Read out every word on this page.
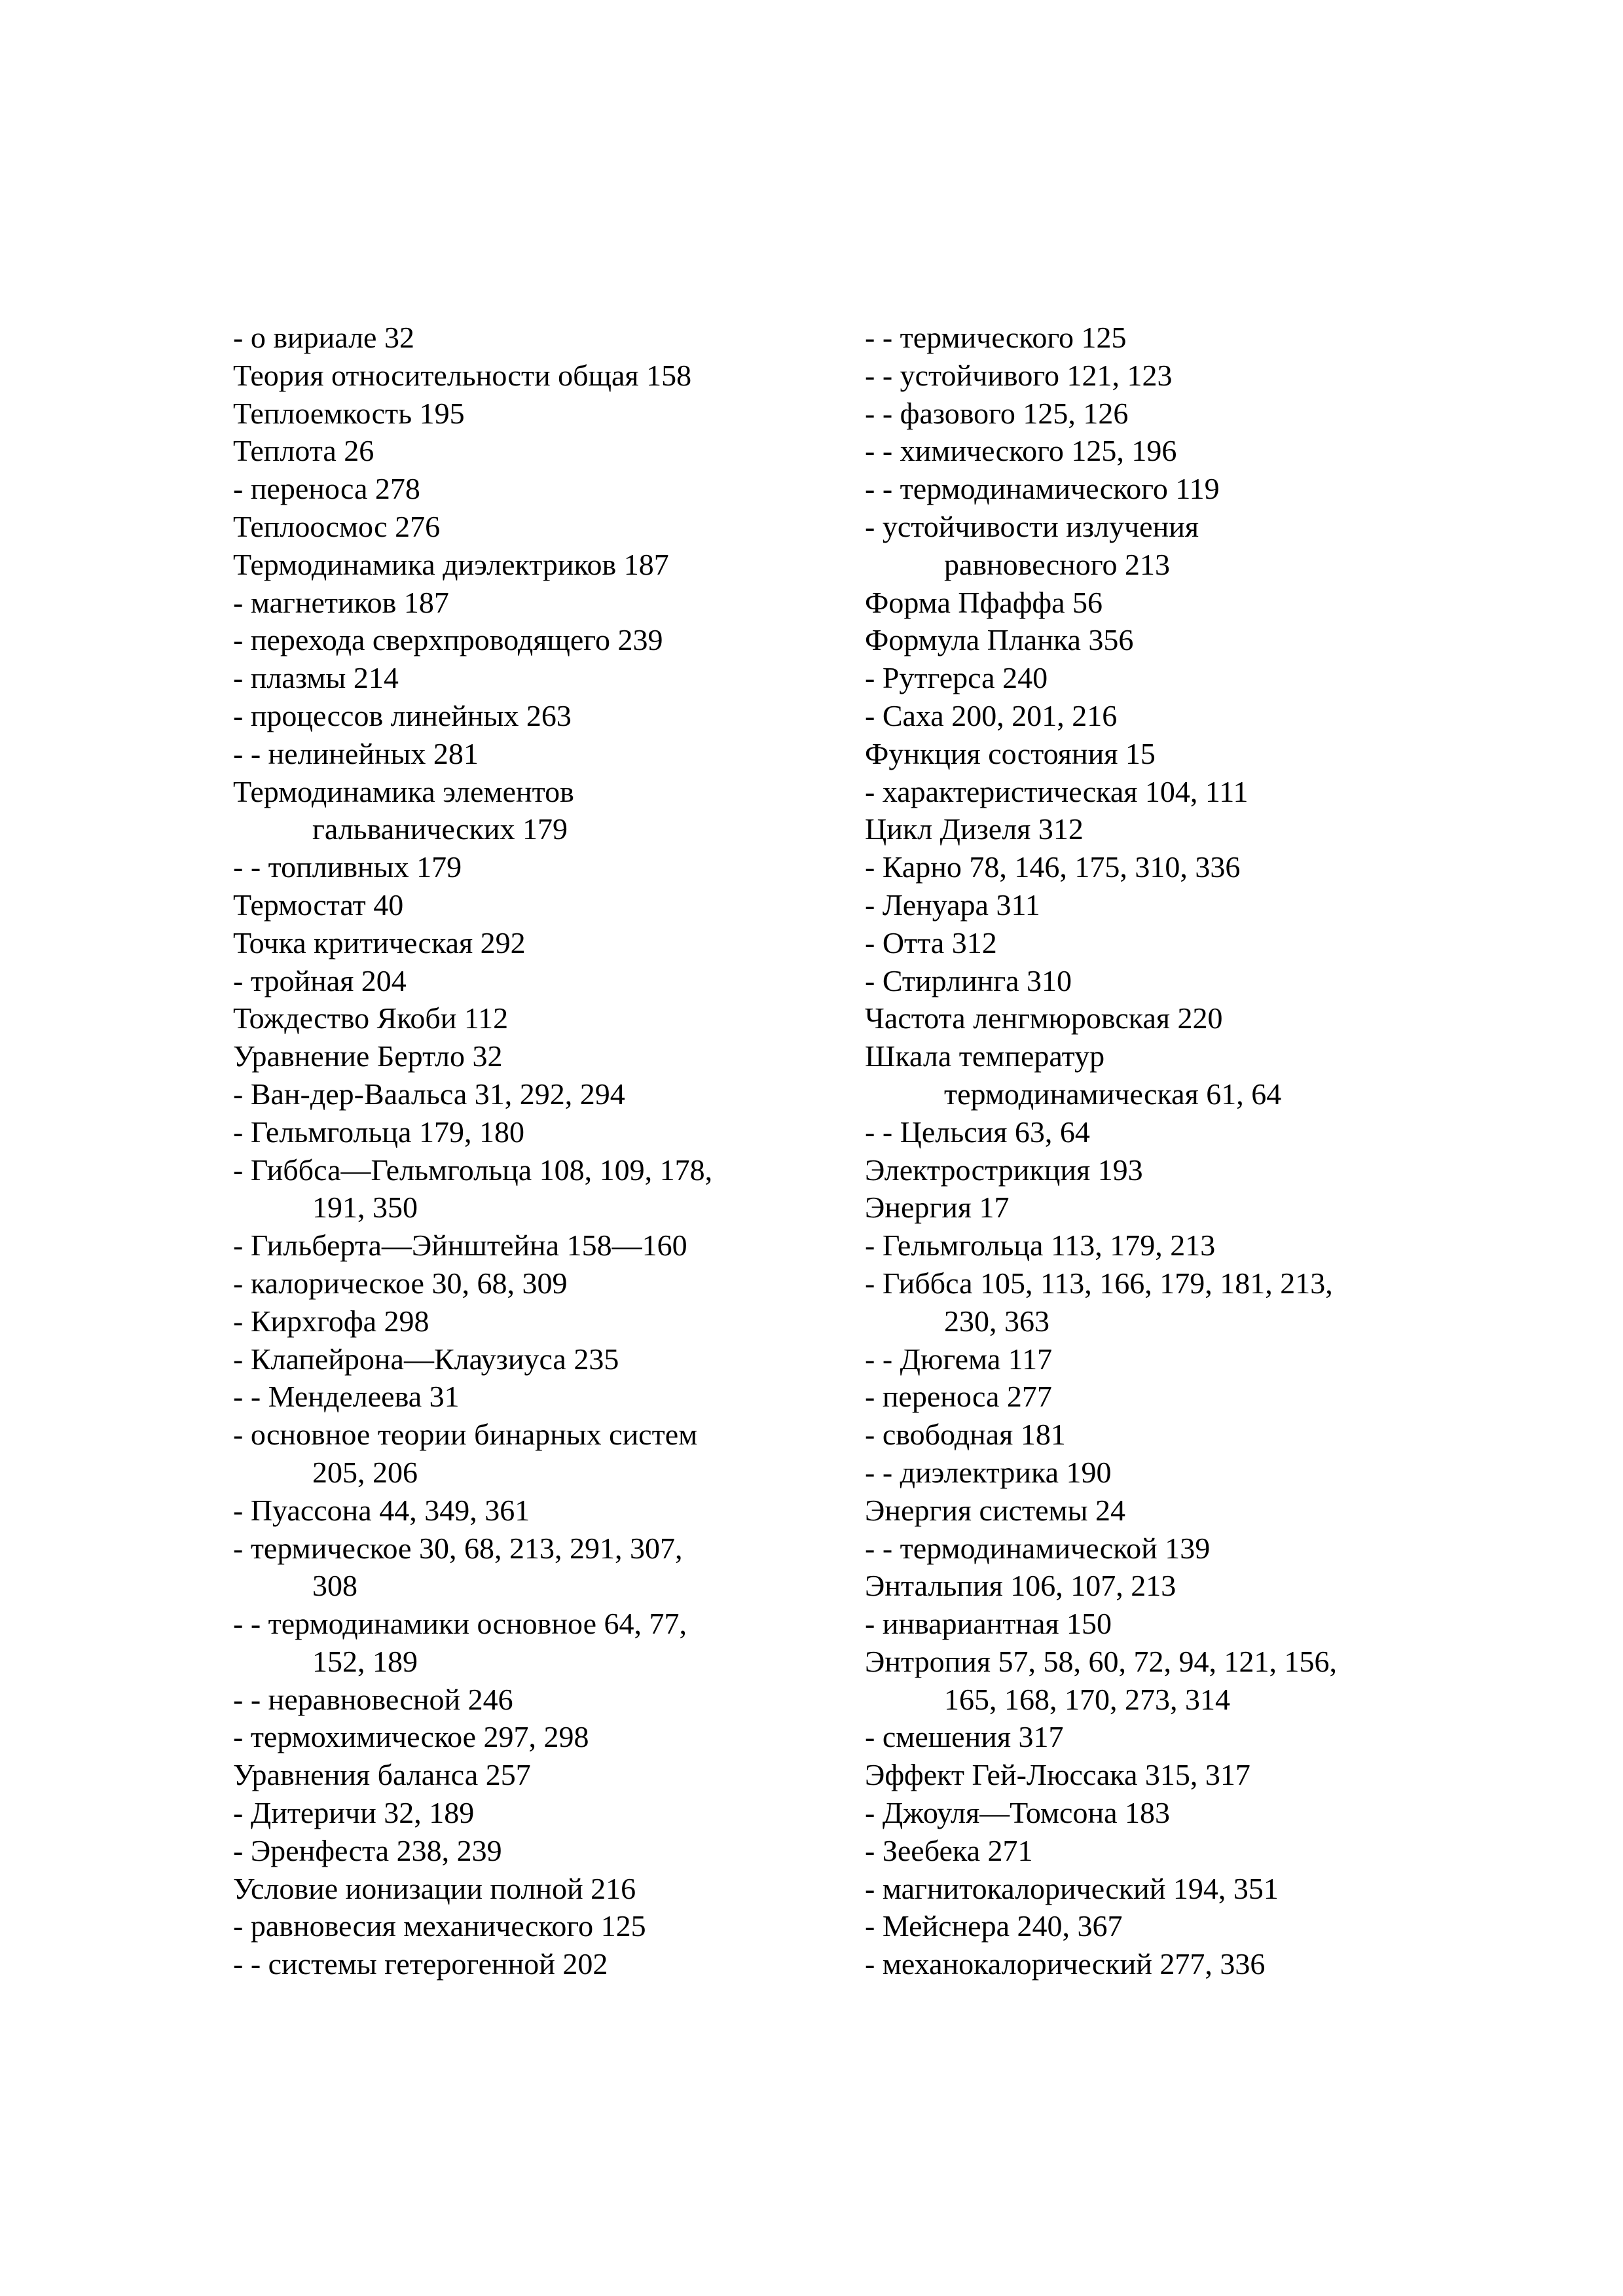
- о вириале 32

Теория относительности общая 158

Теплоемкость 195

Теплота 26

- переноса 278

Теплоосмос 276

Термодинамика диэлектриков 187

- магнетиков 187

- перехода сверхпроводящего 239

- плазмы 214

- процессов линейных 263

- - нелинейных 281

Термодинамика элементов

гальванических 179

- - топливных 179

Термостат 40

Точка критическая 292

- тройная 204

Тождество Якоби 112

Уравнение Бертло 32

- Ван-дер-Ваальса 31, 292, 294

- Гельмгольца 179, 180

- Гиббса—Гельмгольца 108, 109, 178,

191, 350

- Гильберта—Эйнштейна 158—160

- калорическое 30, 68, 309

- Кирхгофа 298

- Клапейрона—Клаузиуса 235

- - Менделеева 31

- основное теории бинарных систем

205, 206

- Пуассона 44, 349, 361

- термическое 30, 68, 213, 291, 307,

308

- - термодинамики основное 64, 77,

152, 189

- - неравновесной 246

- термохимическое 297, 298

Уравнения баланса 257

- Дитеричи 32, 189

- Эренфеста 238, 239

Условие ионизации полной 216

- равновесия механического 125

- - системы гетерогенной 202

- - термического 125

- - устойчивого 121, 123

- - фазового 125, 126

- - химического 125, 196

- - термодинамического 119

- устойчивости излучения

равновесного 213

Форма Пфаффа 56

Формула Планка 356

- Рутгерса 240

- Саха 200, 201, 216

Функция состояния 15

- характеристическая 104, 111

Цикл Дизеля 312

- Карно 78, 146, 175, 310, 336

- Ленуара 311

- Отта 312

- Стирлинга 310

Частота ленгмюровская 220

Шкала температур

термодинамическая 61, 64

- - Цельсия 63, 64

Электрострикция 193

Энергия 17

- Гельмгольца 113, 179, 213

- Гиббса 105, 113, 166, 179, 181, 213,

230, 363

- - Дюгема 117

- переноса 277

- свободная 181

- - диэлектрика 190

Энергия системы 24

- - термодинамической 139

Энтальпия 106, 107, 213

- инвариантная 150

Энтропия 57, 58, 60, 72, 94, 121, 156,

165, 168, 170, 273, 314

- смешения 317

Эффект Гей-Люссака 315, 317

- Джоуля—Томсона 183

- Зеебека 271

- магнитокалорический 194, 351

- Мейснера 240, 367

- механокалорический 277, 336
